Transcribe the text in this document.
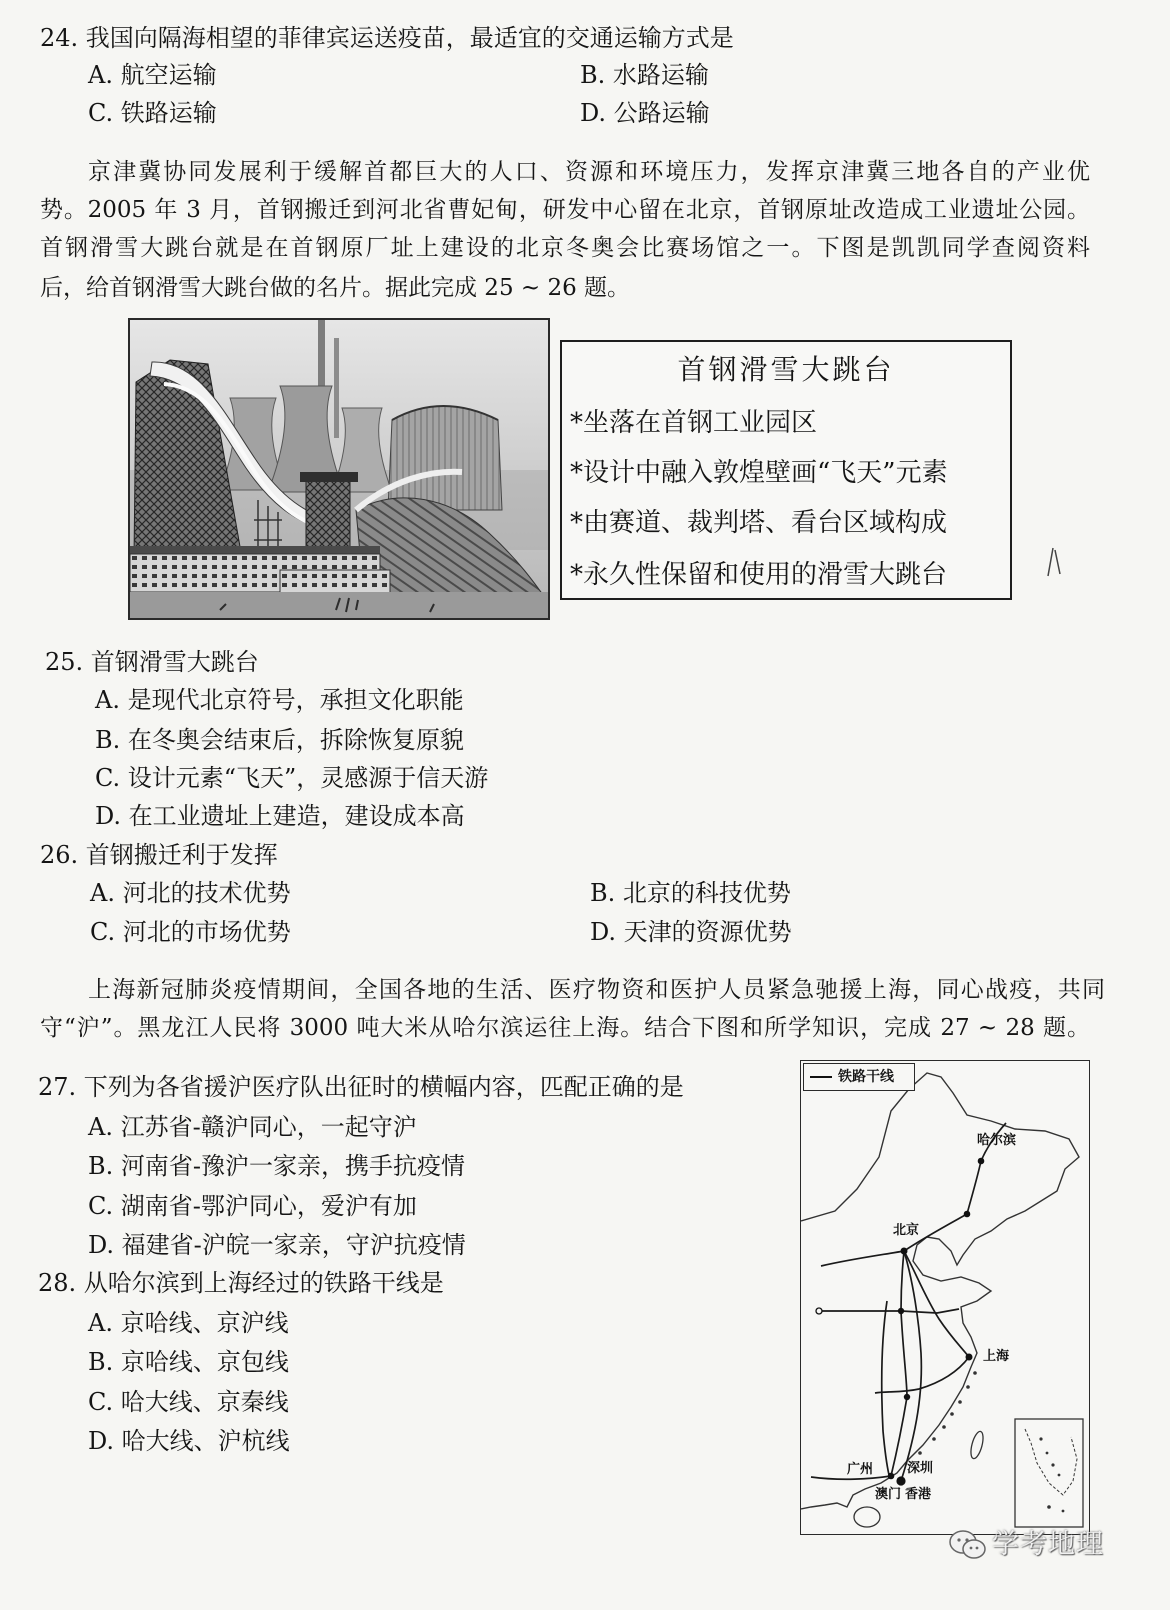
24. 我国向隔海相望的菲律宾运送疫苗，最适宜的交通运输方式是
A. 航空运输	B. 水路运输
C. 铁路运输	D. 公路运输
京津冀协同发展利于缓解首都巨大的人口、资源和环境压力，发挥京津冀三地各自的产业优
势。2005 年 3 月，首钢搬迁到河北省曹妃甸，研发中心留在北京，首钢原址改造成工业遗址公园。
首钢滑雪大跳台就是在首钢原厂址上建设的北京冬奥会比赛场馆之一。下图是凯凯同学查阅资料
后，给首钢滑雪大跳台做的名片。据此完成 25 ~ 26 题。
首钢滑雪大跳台
*坐落在首钢工业园区
*设计中融入敦煌壁画“飞天”元素
*由赛道、裁判塔、看台区域构成
*永久性保留和使用的滑雪大跳台
25. 首钢滑雪大跳台
A. 是现代北京符号，承担文化职能
B. 在冬奥会结束后，拆除恢复原貌
C. 设计元素“飞天”，灵感源于信天游
D. 在工业遗址上建造，建设成本高
26. 首钢搬迁利于发挥
A. 河北的技术优势	B. 北京的科技优势
C. 河北的市场优势	D. 天津的资源优势
上海新冠肺炎疫情期间，全国各地的生活、医疗物资和医护人员紧急驰援上海，同心战疫，共同
守“沪”。黑龙江人民将 3000 吨大米从哈尔滨运往上海。结合下图和所学知识，完成 27 ~ 28 题。
27. 下列为各省援沪医疗队出征时的横幅内容，匹配正确的是
A. 江苏省-赣沪同心，一起守沪
B. 河南省-豫沪一家亲，携手抗疫情
C. 湖南省-鄂沪同心，爱沪有加
D. 福建省-沪皖一家亲，守沪抗疫情
28. 从哈尔滨到上海经过的铁路干线是
A. 京哈线、京沪线
B. 京哈线、京包线
C. 哈大线、京秦线
D. 哈大线、沪杭线
铁路干线
哈尔滨
北京
上海
广州	深圳
澳门 香港
学考地理
